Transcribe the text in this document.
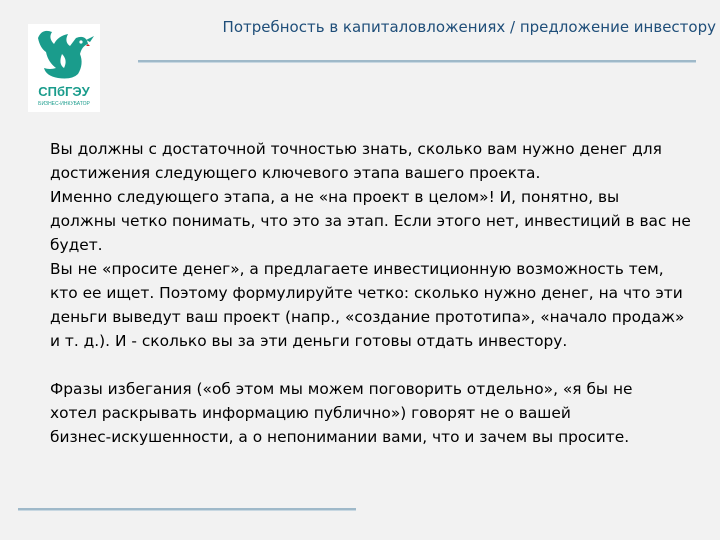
СПбГЭУ
БИЗНЕС-ИНКУБАТОР
Потребность в капиталовложениях / предложение инвестору

Вы должны с достаточной точностью знать, сколько вам нужно денег для

достижения следующего ключевого этапа вашего проекта.

Именно следующего этапа, а не «на проект в целом»! И, понятно, вы

должны четко понимать, что это за этап. Если этого нет, инвестиций в вас не

будет.

Вы не «просите денег», а предлагаете инвестиционную возможность тем,

кто ее ищет. Поэтому формулируйте четко: сколько нужно денег, на что эти

деньги выведут ваш проект (напр., «создание прототипа», «начало продаж»

и т. д.). И - сколько вы за эти деньги готовы отдать инвестору.

Фразы избегания («об этом мы можем поговорить отдельно», «я бы не

хотел раскрывать информацию публично») говорят не о вашей

бизнес-искушенности, а о непонимании вами, что и зачем вы просите.
